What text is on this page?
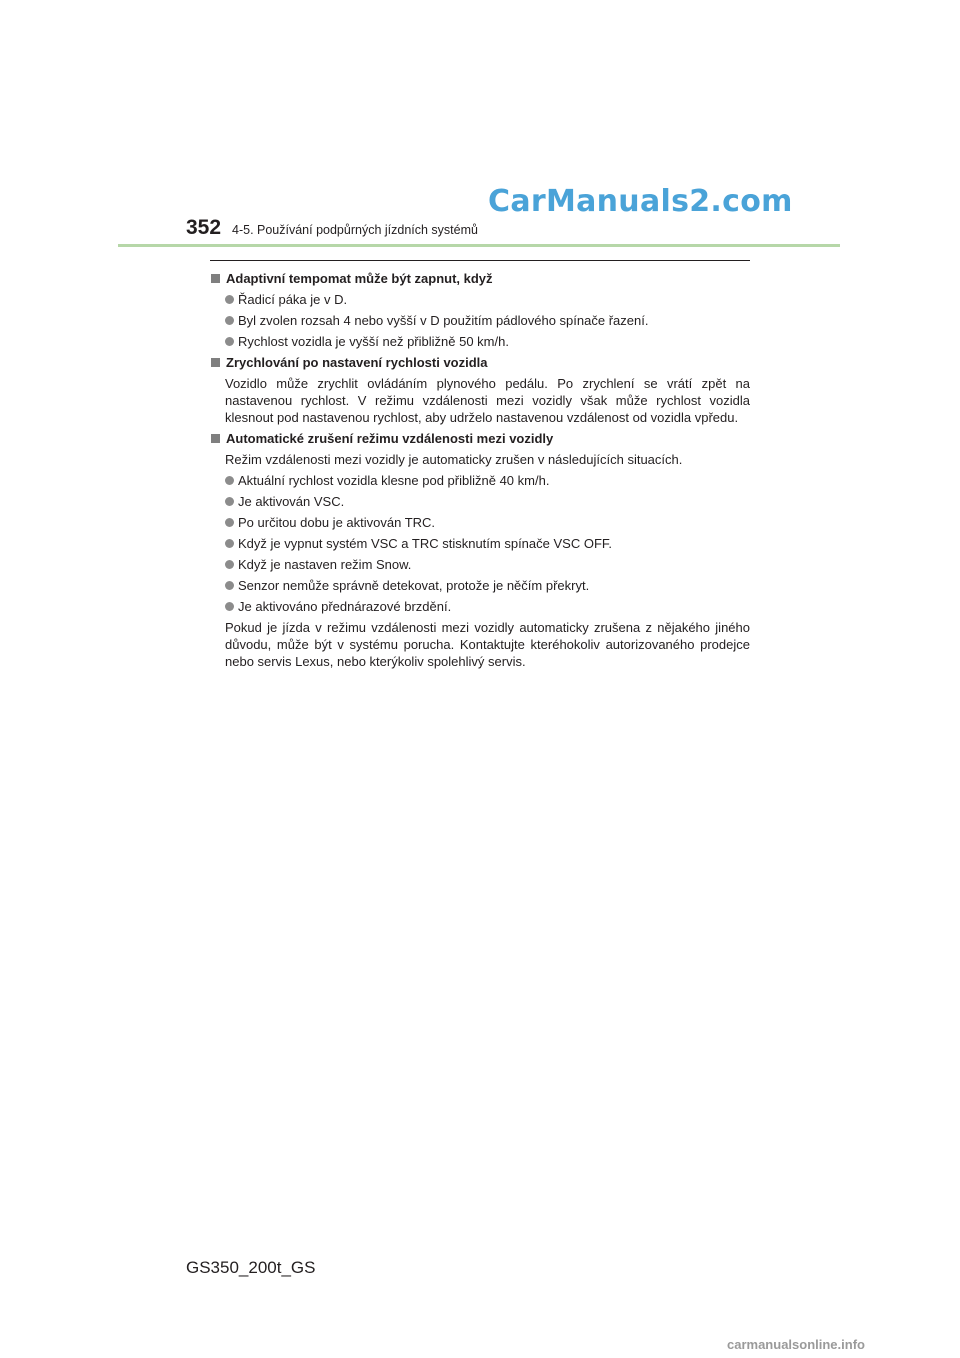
CarManuals2.com
352 4-5. Používání podpůrných jízdních systémů
Adaptivní tempomat může být zapnut, když
Řadicí páka je v D.
Byl zvolen rozsah 4 nebo vyšší v D použitím pádlového spínače řazení.
Rychlost vozidla je vyšší než přibližně 50 km/h.
Zrychlování po nastavení rychlosti vozidla
Vozidlo může zrychlit ovládáním plynového pedálu. Po zrychlení se vrátí zpět na nastavenou rychlost. V režimu vzdálenosti mezi vozidly však může rychlost vozidla klesnout pod nastavenou rychlost, aby udrželo nastavenou vzdálenost od vozidla vpředu.
Automatické zrušení režimu vzdálenosti mezi vozidly
Režim vzdálenosti mezi vozidly je automaticky zrušen v následujících situacích.
Aktuální rychlost vozidla klesne pod přibližně 40 km/h.
Je aktivován VSC.
Po určitou dobu je aktivován TRC.
Když je vypnut systém VSC a TRC stisknutím spínače VSC OFF.
Když je nastaven režim Snow.
Senzor nemůže správně detekovat, protože je něčím překryt.
Je aktivováno přednárazové brzdění.
Pokud je jízda v režimu vzdálenosti mezi vozidly automaticky zrušena z nějakého jiného důvodu, může být v systému porucha. Kontaktujte kteréhokoliv autorizovaného prodejce nebo servis Lexus, nebo kterýkoliv spolehlivý servis.
GS350_200t_GS
carmanualsonline.info
